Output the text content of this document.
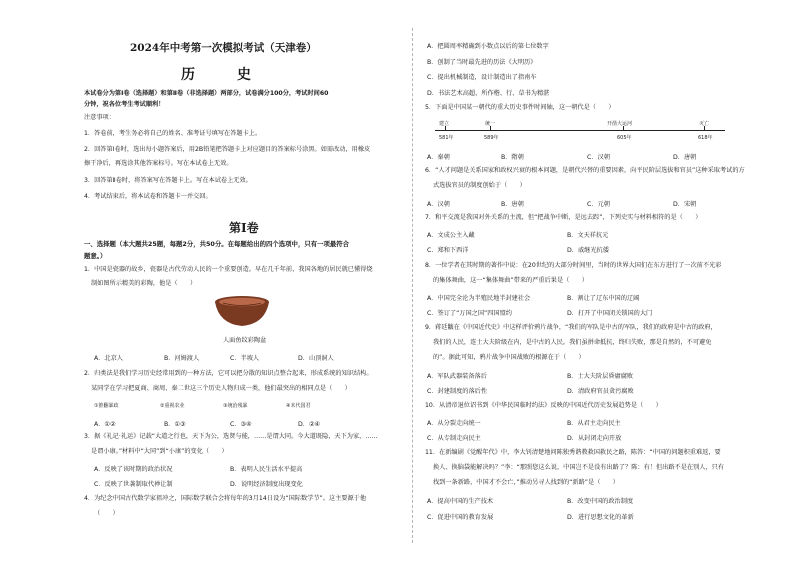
2024年中考第一次模拟考试（天津卷）
历　史
本试卷分为第Ⅰ卷（选择题）和第Ⅱ卷（非选择题）两部分，试卷满分100分，考试时间60
分钟，祝各位考生考试顺利！
注意事项：
1．答卷前，考生务必将自己的姓名、准考证号填写在答题卡上。
2．回答第Ⅰ卷时，选出每小题答案后，用2B铅笔把答题卡上对应题目的答案标号涂黑。如需改动，用橡皮
擦干净后，再选涂其他答案标号。写在本试卷上无效。
3．回答第Ⅱ卷时，将答案写在答题卡上。写在本试卷上无效。
4．考试结束后，将本试卷和答题卡一并交回。
第Ⅰ卷
一、选择题（本大题共25题，每题2分，共50分。在每题给出的四个选项中，只有一项最符合
题意。）
1．中国是瓷器的故乡，瓷器是古代劳动人民的一个重要创造。早在几千年前，我国各地的居民就已懂得烧
制如图所示精美的彩陶，他是（　　）
人面鱼纹彩陶盆
A．北京人	B．河姆渡人	C．半坡人	D．山顶洞人
2．归类法是我们学习历史经常用到的一种方法，它可以把分散的知识点整合起来，形成系统的知识结构。
某同学在学习把夏商、商周、秦二世这三个历史人物归成一类，他们最突出的相同点是（　　）
①推翻暴政	②重视农业	③统治残暴	④末代国君
A．①②	B．①③	C．③④	D．②④
3．据《礼记·礼运》记载“大道之行也，天下为公，选贤与能，……是谓大同。今大道既隐，天下为家，……
是谓小康。”材料中“大同”到“小康”的变化（　　）
A．反映了该时期的政治状况	B．表明人民生活水平提高
C．反映了世袭制取代禅让制	D．说明经济制度出现变化
4．为纪念中国古代数学家祖冲之，国际数学联合会将每年的3月14日设为“国际数学节”。这主要源于他
（　　）
A．把圆周率精确到小数点以后的第七位数字
B．创制了当时最先进的历法《大明历》
C．提出机械制造，设计制造出了指南车
D．书法艺术高超，所作楷、行、草书为精湛
5．下面是中国某一朝代的重大历史事件时间轴，这一朝代是（　　）
建立	统一	开凿大运河	灭亡
581年	589年	605年	618年
A．秦朝	B．隋朝	C．汉朝	D．唐朝
6．“人才问题是关系国家和政权兴衰的根本问题，是朝代兴替的重要因素，向平民阶层选拔和官员”这种采取考试的方
式选拔官员的制度创始于（　　）
A．汉朝	B．唐朝	C．元朝	D．宋朝
7．和平交流是我国对外关系的主流，但“把战争中断，是远去踪”，下列史实与材料相符的是（　　）
A．文成公主入藏	B．文天祥抗元
C．郑和下西洋	D．戚继光抗倭
8．一位学者在其时期的著作中说：在20世纪的大部分时间里，当时的世界大国们在东方进行了一次前不光彩
的集体舞曲，这一“集体舞曲”带来的严重后果是（　　）
A．中国完全沦为半殖民地半封建社会	B．割让了辽东中国的辽阔
C．签订了“万国之国”四国盟约	D．打开了中国闭关锁国的大门
9．蒋廷黻在《中国近代史》中这样评价鸦片战争，“我们的军队是中古的军队，我们的政府是中古的政府，
我们的人民，连士大夫阶级在内，是中古的人民。我们虽拼命抵抗，终归失败，那是自然的，不可避免
的”。据此可知，鸦片战争中国战败的根源在于（　　）
A．军队武器装备落后	B．士大夫阶层昏庸腐败
C．封建制度的落后性	D．清政府官员贪污腐败
10．从清帝退位诏书到《中华民国临时约法》反映的中国近代历史发展趋势是（　　）
A．从分裂走向统一	B．从君主走向民主
C．从专制走向民主	D．从封闭走向开放
11．在新编剧《觉醒年代》中，李大钊清楚地问陈独秀谐教救国救民之路，陈答：“中国的问题积重难返，要
换人、换脑袋能解决吗？”李：“那照您这么说，中国岂不是没有出路了？陈：有！但出路不是在别人，只有
找到一条新路，中国才不会亡，”推动另寻人找到的“新路”是（　　）
A．提高中国的生产技术	B．改变中国的政治制度
C．促进中国的教育发展	D．进行思想文化的革新
